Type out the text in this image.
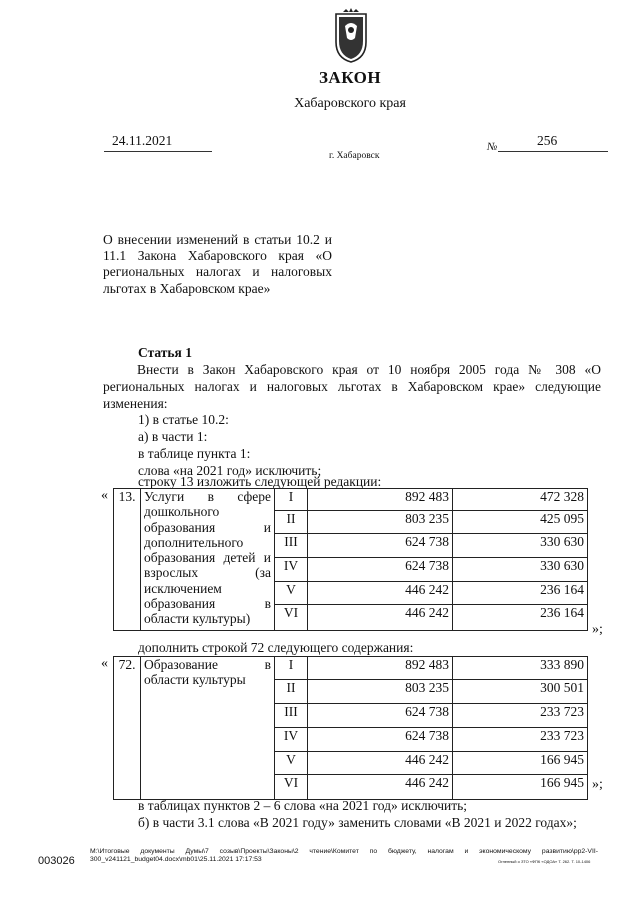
ЗАКОН
Хабаровского края
24.11.2021
г. Хабаровск
№	256
О внесении изменений в статьи 10.2 и 11.1 Закона Хабаровского края «О региональных налогах и налоговых льготах в Хабаровском крае»
Статья 1
Внести в Закон Хабаровского края от 10 ноября 2005 года № 308 «О региональных налогах и налоговых льготах в Хабаровском крае» следующие изменения:
1) в статье 10.2:
а) в части 1:
в таблице пункта 1:
слова «на 2021 год» исключить;
строку 13 изложить следующей редакции:
« 13.	Услуги в сфере дошкольного образования и дополнительного образования детей и взрослых (за исключением образования в области культуры)	I	892 483	472 328
		II	803 235	425 095
		III	624 738	330 630
		IV	624 738	330 630
		V	446 242	236 164
		VI	446 242	236 164
»;
дополнить строкой 72 следующего содержания:
« 72.	Образование в области культуры	I	892 483	333 890
		II	803 235	300 501
		III	624 738	233 723
		IV	624 738	233 723
		V	446 242	166 945
		VI	446 242	166 945 »;
в таблицах пунктов 2 – 6 слова «на 2021 год» исключить;
б) в части 3.1 слова «В 2021 году» заменить словами «В 2021 и 2022 годах»;
003026
M:\Итоговые документы Думы\7 созыв\Проекты\Законы\2 чтение\Комитет по бюджету, налогам и экономическому развитию\pp2-VII-300_v241121_budget04.docx\mb01\25.11.2021 17:17:53	Огненный о ЗТО «ФПК «ОДОА» Т. 262. Т. 10-1406
